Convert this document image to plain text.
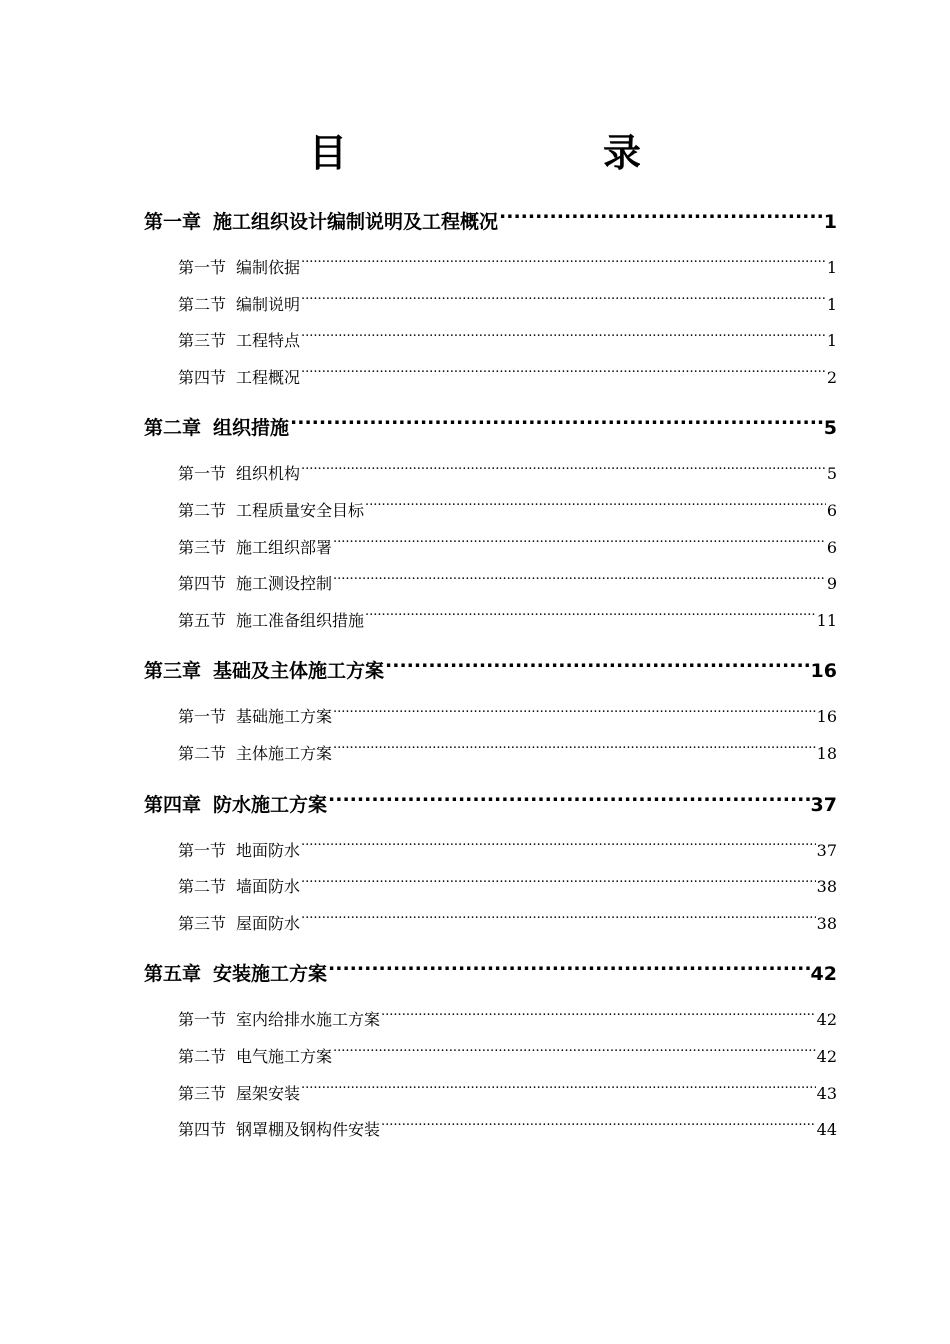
目　　录
第一章 施工组织设计编制说明及工程概况 .....	1
第一节 编制依据 .....	1
第二节 编制说明 .....	1
第三节 工程特点 .....	1
第四节 工程概况 .....	2
第二章 组织措施 .....	5
第一节 组织机构 .....	5
第二节 工程质量安全目标 .....	6
第三节 施工组织部署 .....	6
第四节 施工测设控制 .....	9
第五节 施工准备组织措施 .....	11
第三章 基础及主体施工方案 .....	16
第一节 基础施工方案 .....	16
第二节 主体施工方案 .....	18
第四章 防水施工方案 .....	37
第一节 地面防水 .....	37
第二节 墙面防水 .....	38
第三节 屋面防水 .....	38
第五章 安装施工方案 .....	42
第一节 室内给排水施工方案 .....	42
第二节 电气施工方案 .....	42
第三节 屋架安装 .....	43
第四节 钢罩棚及钢构件安装 .....	44
